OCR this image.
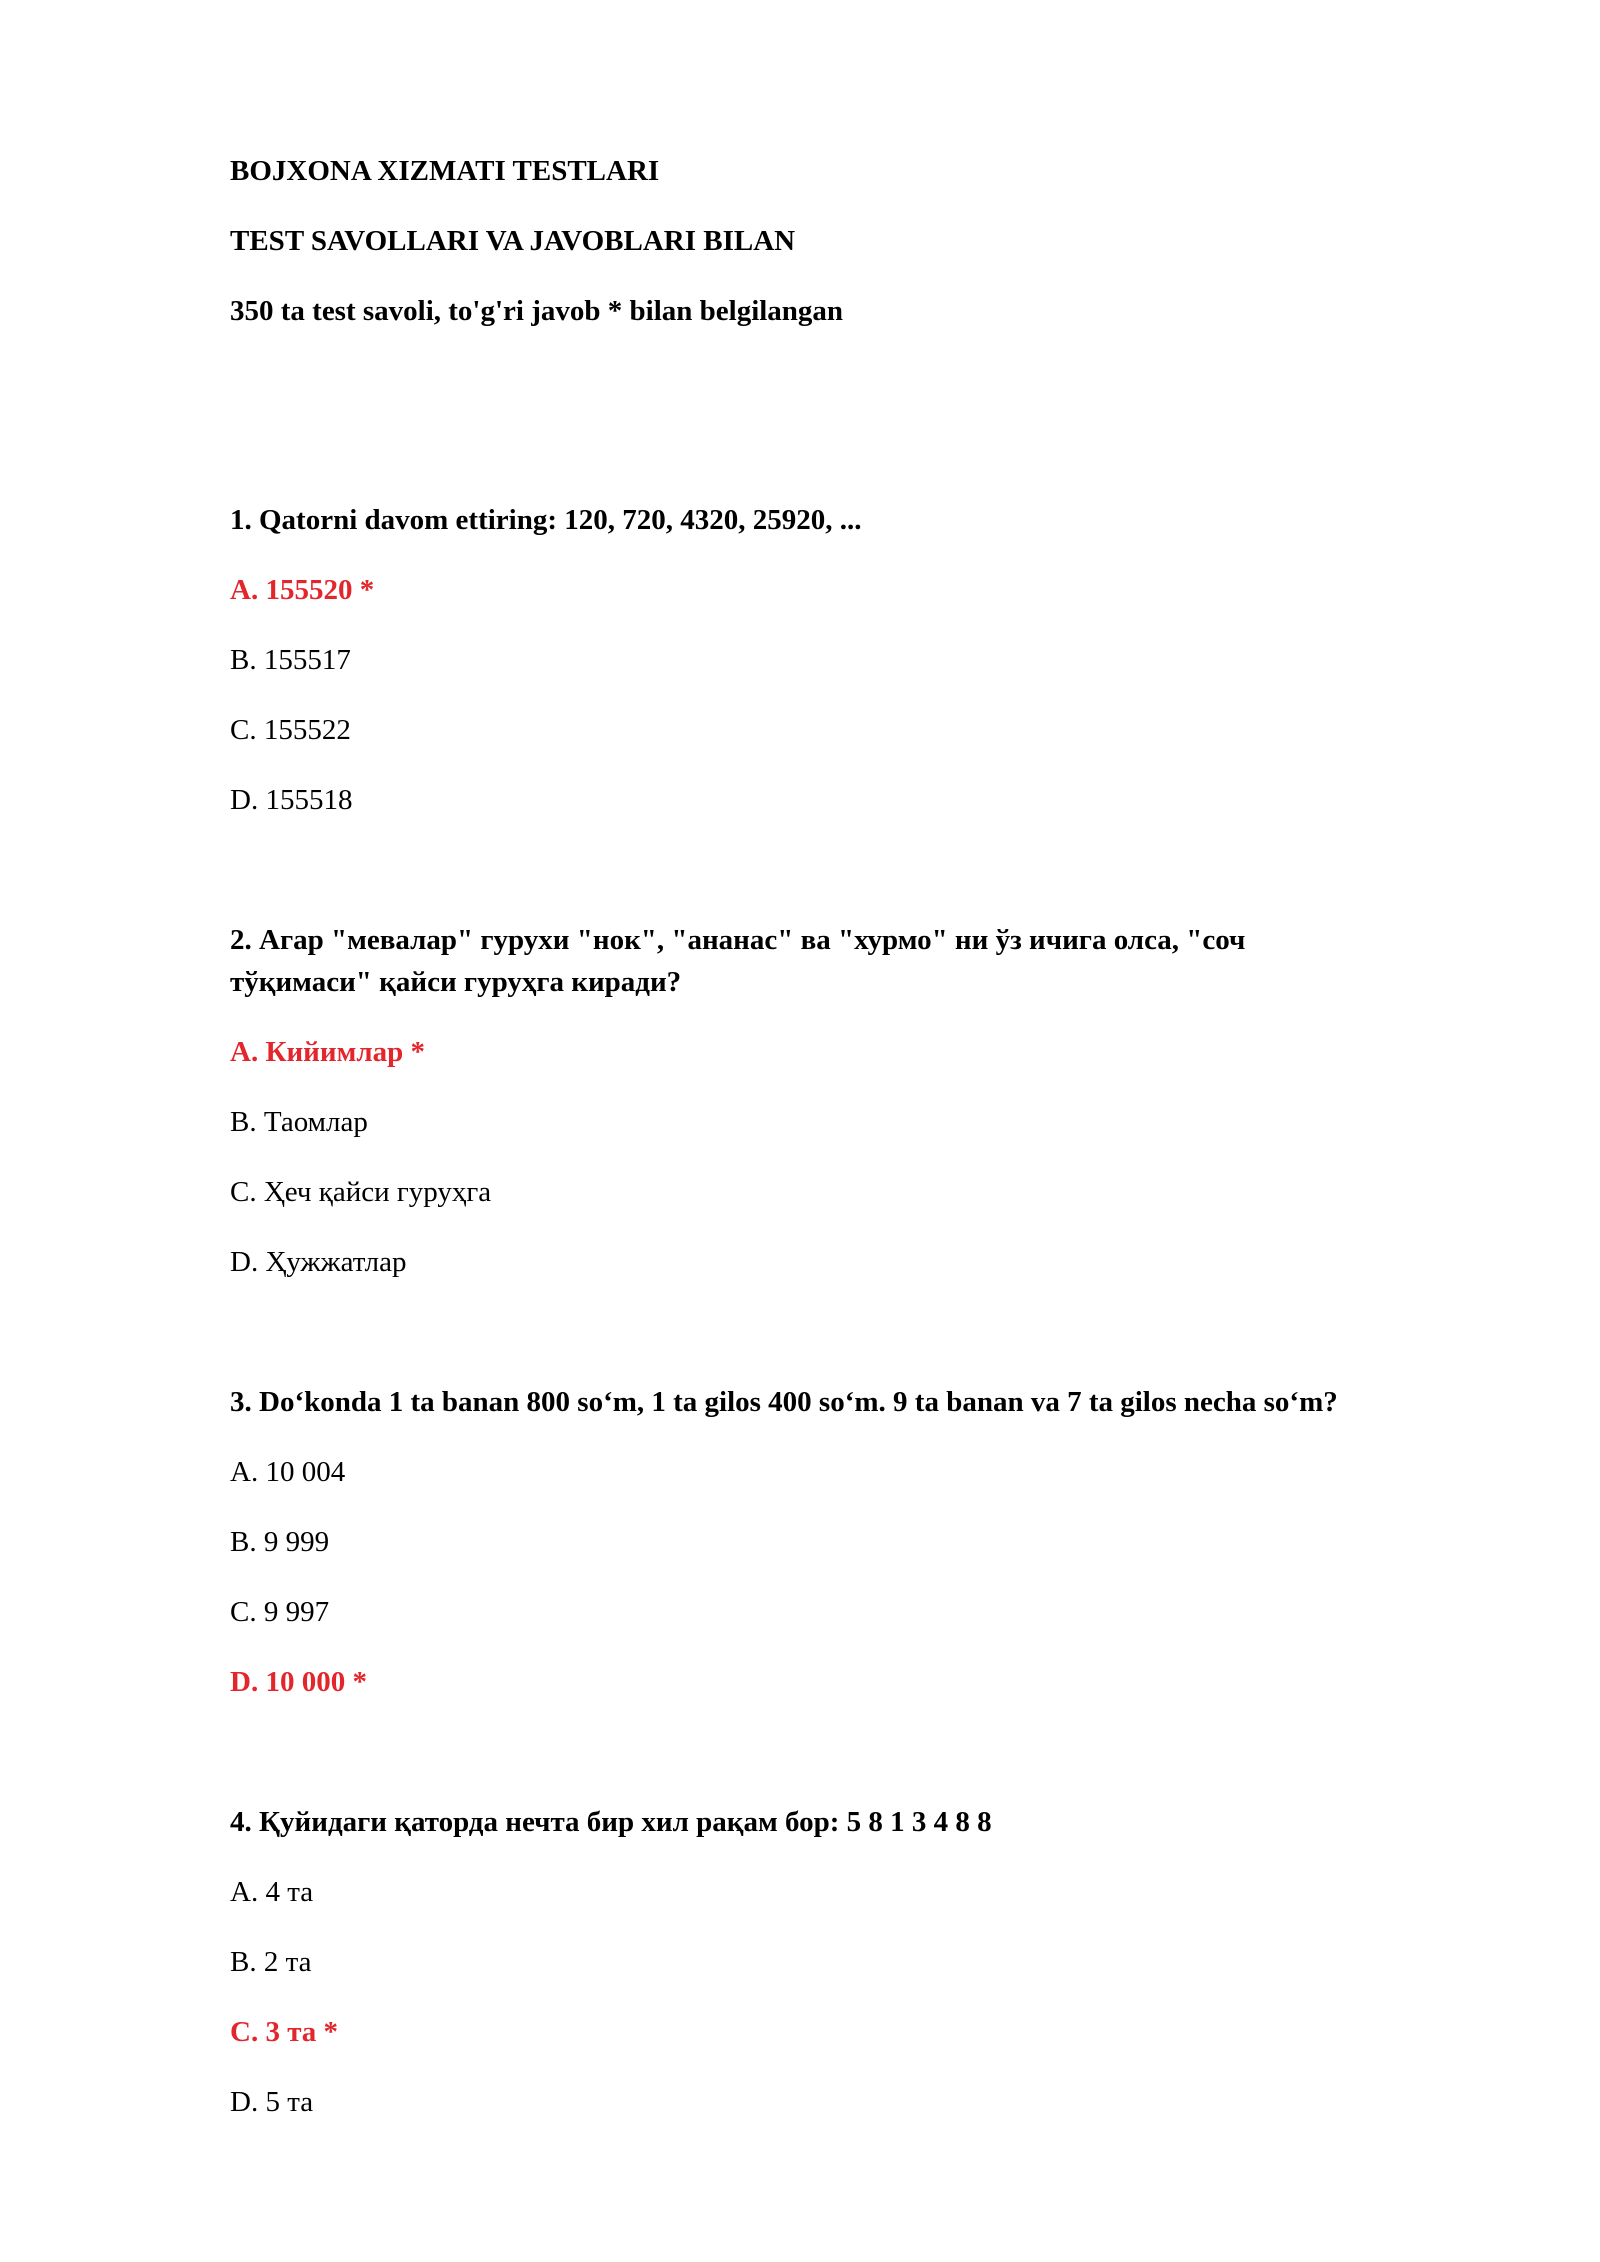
BOJXONA XIZMATI TESTLARI

TEST SAVOLLARI VA JAVOBLARI BILAN

350 ta test savoli, to'g'ri javob * bilan belgilangan

1. Qatorni davom ettiring: 120, 720, 4320, 25920, ...

A. 155520 *

B. 155517

C. 155522

D. 155518

2. Агар "мевалар" гурухи "нок", "ананас" ва "хурмо" ни ўз ичига олса, "соч тўқимаси" қайси гуруҳга киради?

A. Кийимлар *

B. Таомлар

C. Ҳеч қайси гуруҳга

D. Ҳужжатлар

3. Do‘konda 1 ta banan 800 so‘m, 1 ta gilos 400 so‘m. 9 ta banan va 7 ta gilos necha so‘m?

A. 10 004

B. 9 999

C. 9 997

D. 10 000 *

4. Қуйидаги қаторда нечта бир хил рақам бор: 5 8 1 3 4 8 8

A. 4 та

B. 2 та

C. 3 та *

D. 5 та
